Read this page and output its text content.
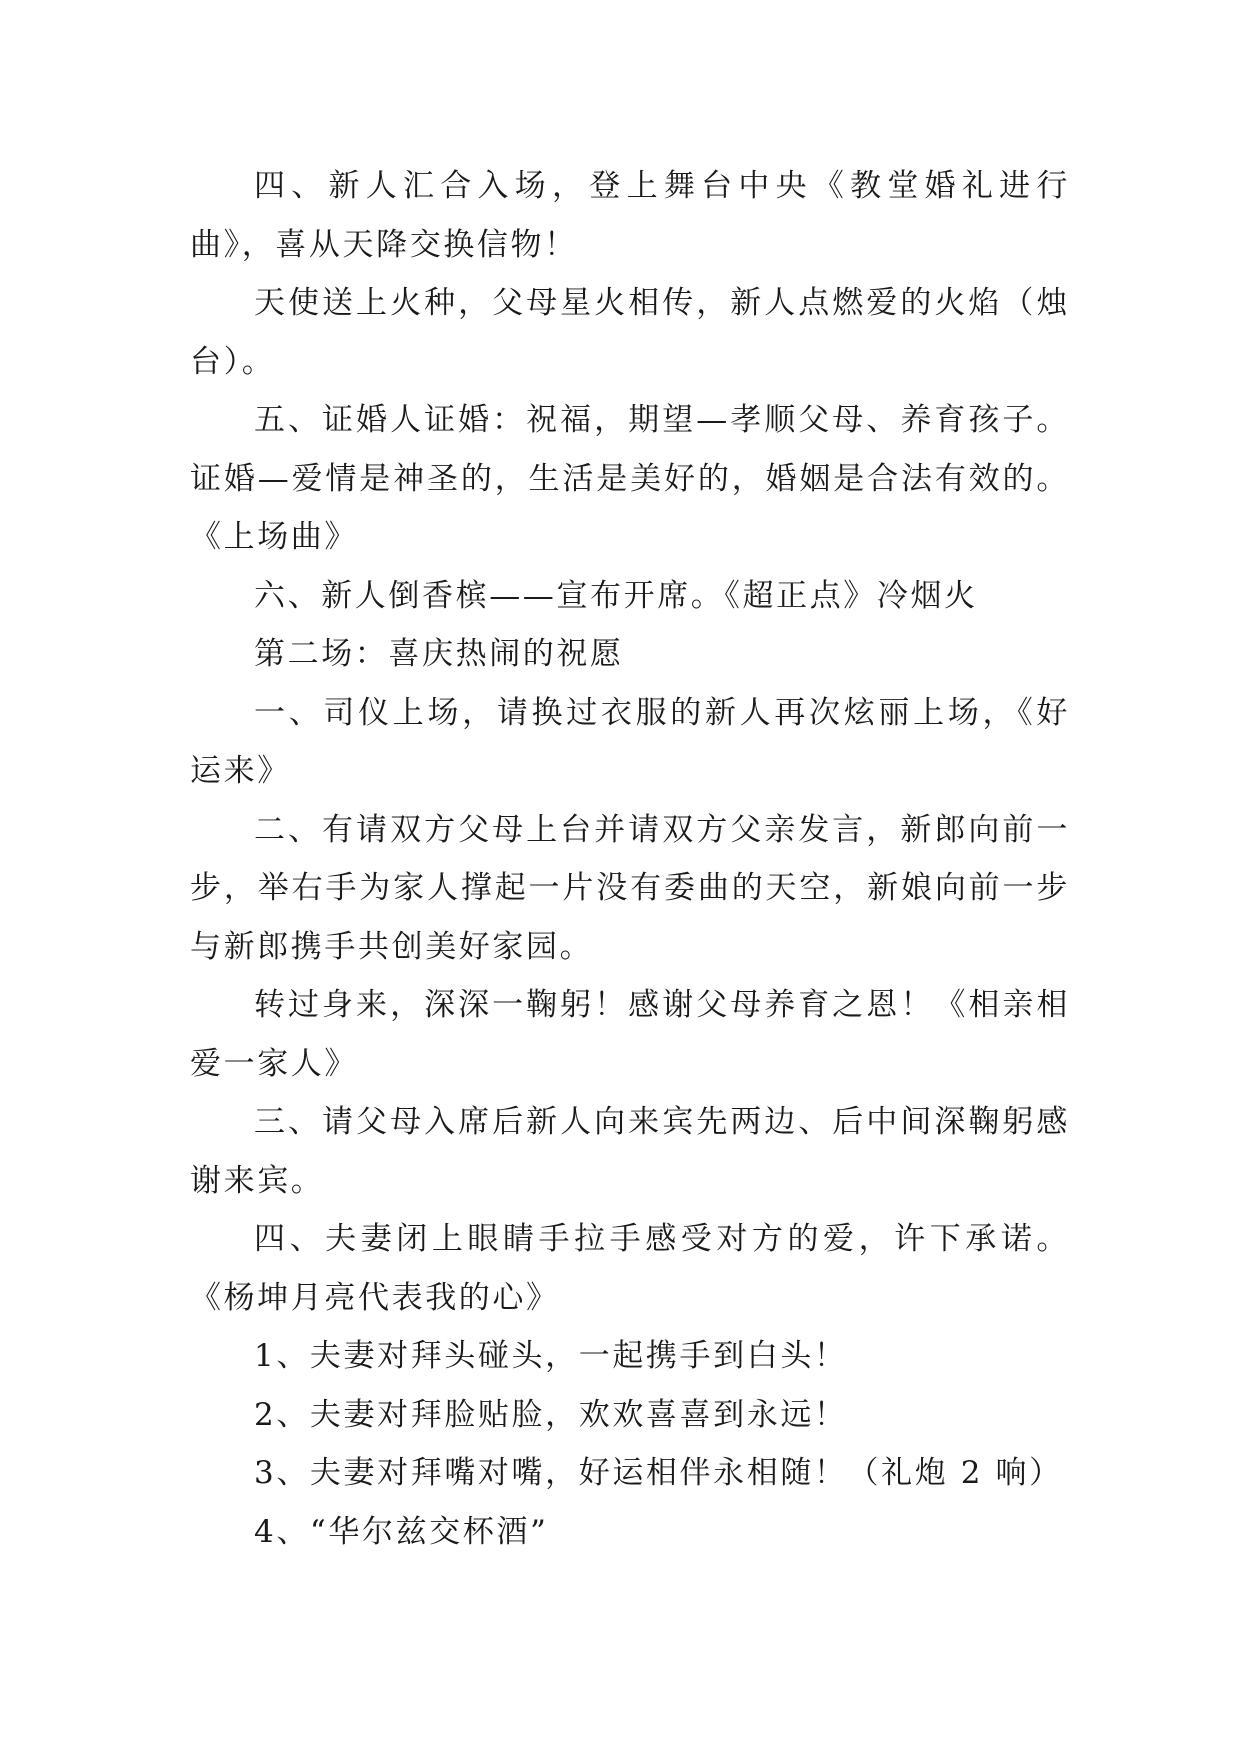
四、新人汇合入场，登上舞台中央《教堂婚礼进行曲》，喜从天降交换信物！

天使送上火种，父母星火相传，新人点燃爱的火焰（烛台）。

五、证婚人证婚：祝福，期望—孝顺父母、养育孩子。证婚—爱情是神圣的，生活是美好的，婚姻是合法有效的。《上场曲》

六、新人倒香槟——宣布开席。《超正点》冷烟火

第二场：喜庆热闹的祝愿

一、司仪上场，请换过衣服的新人再次炫丽上场，《好运来》

二、有请双方父母上台并请双方父亲发言，新郎向前一步，举右手为家人撑起一片没有委曲的天空，新娘向前一步与新郎携手共创美好家园。

转过身来，深深一鞠躬！感谢父母养育之恩！《相亲相爱一家人》

三、请父母入席后新人向来宾先两边、后中间深鞠躬感谢来宾。

四、夫妻闭上眼睛手拉手感受对方的爱，许下承诺。《杨坤月亮代表我的心》

1、夫妻对拜头碰头，一起携手到白头！

2、夫妻对拜脸贴脸，欢欢喜喜到永远！

3、夫妻对拜嘴对嘴，好运相伴永相随！（礼炮 2 响）

4、“华尔兹交杯酒”
